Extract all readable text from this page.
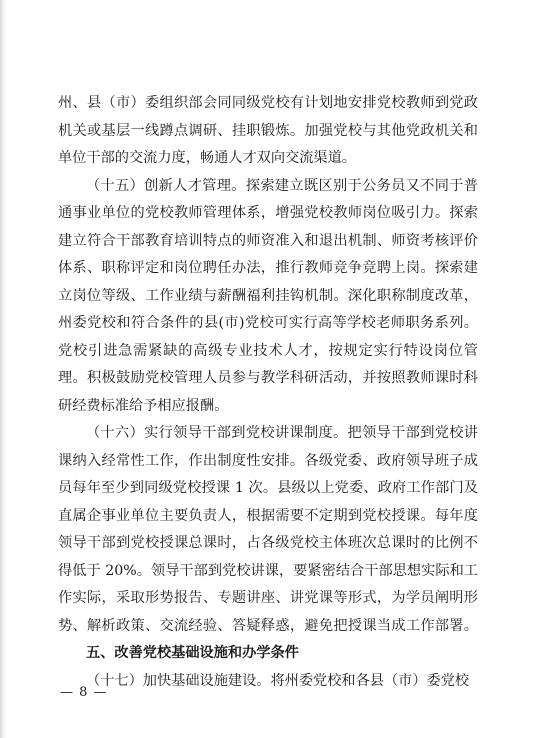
州、县（市）委组织部会同同级党校有计划地安排党校教师到党政
机关或基层一线蹲点调研、挂职锻炼。加强党校与其他党政机关和
单位干部的交流力度，畅通人才双向交流渠道。

（十五）创新人才管理。探索建立既区别于公务员又不同于普
通事业单位的党校教师管理体系，增强党校教师岗位吸引力。探索
建立符合干部教育培训特点的师资准入和退出机制、师资考核评价
体系、职称评定和岗位聘任办法，推行教师竞争竞聘上岗。探索建
立岗位等级、工作业绩与薪酬福利挂钩机制。深化职称制度改革，
州委党校和符合条件的县(市)党校可实行高等学校老师职务系列。
党校引进急需紧缺的高级专业技术人才，按规定实行特设岗位管
理。积极鼓励党校管理人员参与教学科研活动，并按照教师课时科
研经费标准给予相应报酬。

（十六）实行领导干部到党校讲课制度。把领导干部到党校讲
课纳入经常性工作，作出制度性安排。各级党委、政府领导班子成
员每年至少到同级党校授课 1 次。县级以上党委、政府工作部门及
直属企事业单位主要负责人，根据需要不定期到党校授课。每年度
领导干部到党校授课总课时，占各级党校主体班次总课时的比例不
得低于 20%。领导干部到党校讲课，要紧密结合干部思想实际和工
作实际，采取形势报告、专题讲座、讲党课等形式，为学员阐明形
势、解析政策、交流经验、答疑释惑，避免把授课当成工作部署。

五、改善党校基础设施和办学条件

（十七）加快基础设施建设。将州委党校和各县（市）委党校

— 8 —
